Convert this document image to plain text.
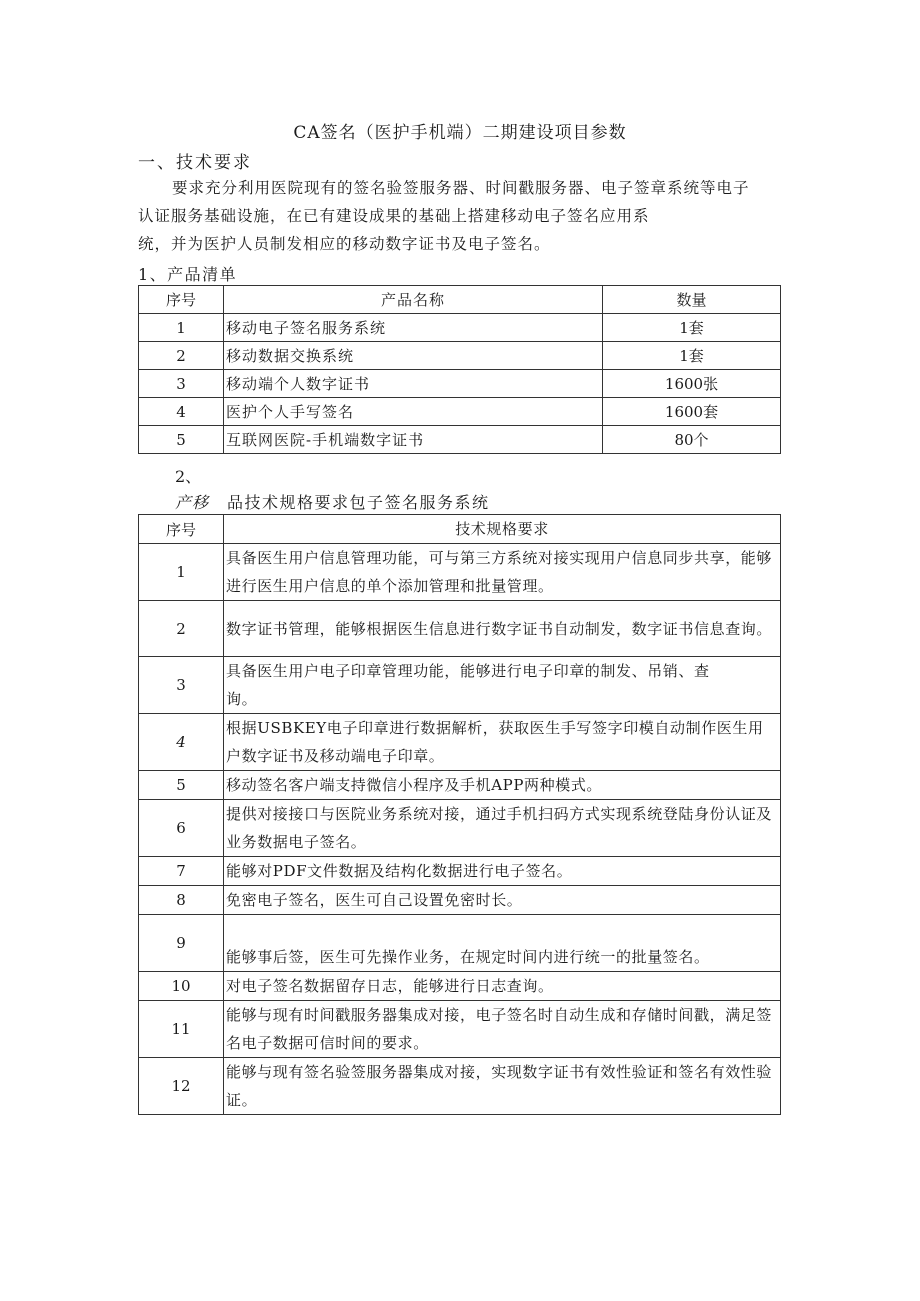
CA签名（医护手机端）二期建设项目参数
一、技术要求
要求充分利用医院现有的签名验签服务器、时间戳服务器、电子签章系统等电子
认证服务基础设施，在已有建设成果的基础上搭建移动电子签名应用系
统，并为医护人员制发相应的移动数字证书及电子签名。
1、产品清单
序号	产品名称	数量
1	移动电子签名服务系统	1套
2	移动数据交换系统	1套
3	移动端个人数字证书	1600张
4	医护个人手写签名	1600套
5	互联网医院-手机端数字证书	80个
2、
产移 品技术规格要求包子签名服务系统
序号	技术规格要求
1	具备医生用户信息管理功能，可与第三方系统对接实现用户信息同步共享，能够进行医生用户信息的单个添加管理和批量管理。
2	数字证书管理，能够根据医生信息进行数字证书自动制发，数字证书信息查询。
3	具备医生用户电子印章管理功能，能够进行电子印章的制发、吊销、查询。
4	根据USBKEY电子印章进行数据解析，获取医生手写签字印模自动制作医生用户数字证书及移动端电子印章。
5	移动签名客户端支持微信小程序及手机APP两种模式。
6	提供对接接口与医院业务系统对接，通过手机扫码方式实现系统登陆身份认证及业务数据电子签名。
7	能够对PDF文件数据及结构化数据进行电子签名。
8	免密电子签名，医生可自己设置免密时长。
9	能够事后签，医生可先操作业务，在规定时间内进行统一的批量签名。
10	对电子签名数据留存日志，能够进行日志查询。
11	能够与现有时间戳服务器集成对接，电子签名时自动生成和存储时间戳，满足签名电子数据可信时间的要求。
12	能够与现有签名验签服务器集成对接，实现数字证书有效性验证和签名有效性验证。
